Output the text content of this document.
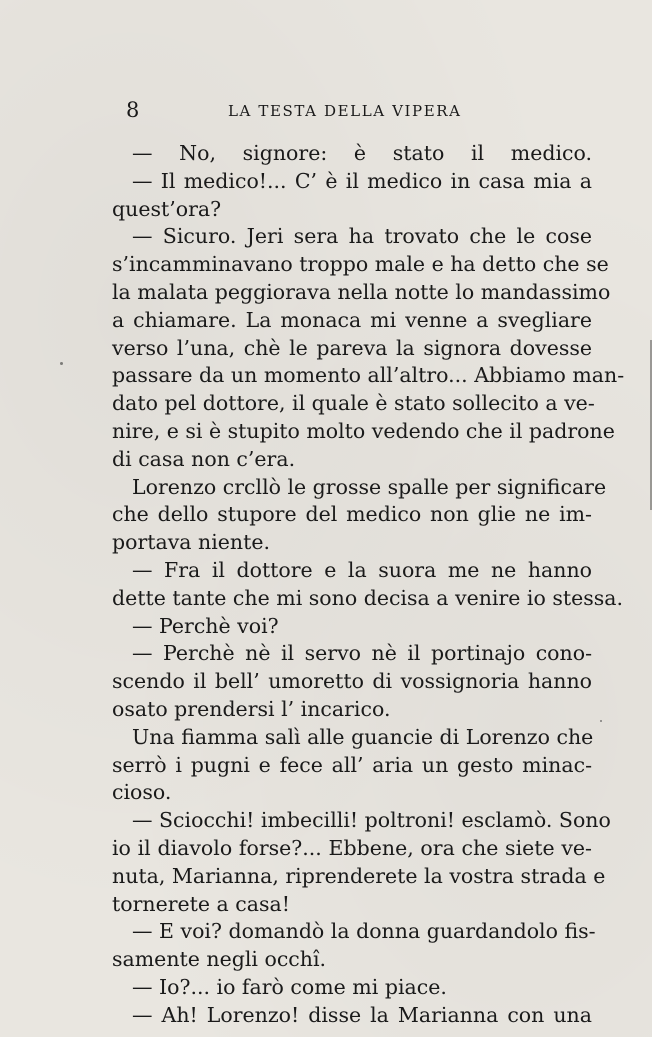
8	LA TESTA DELLA VIPERA
— No, signore: è stato il medico.
— Il medico!... C’ è il medico in casa mia a
quest’ora?
— Sicuro. Jeri sera ha trovato che le cose
s’incamminavano troppo male e ha detto che se
la malata peggiorava nella notte lo mandassimo
a chiamare. La monaca mi venne a svegliare
verso l’una, chè le pareva la signora dovesse
passare da un momento all’altro... Abbiamo man-
dato pel dottore, il quale è stato sollecito a ve-
nire, e si è stupito molto vedendo che il padrone
di casa non c’era.
Lorenzo crcllò le grosse spalle per significare
che dello stupore del medico non glie ne im-
portava niente.
— Fra il dottore e la suora me ne hanno
dette tante che mi sono decisa a venire io stessa.
— Perchè voi?
— Perchè nè il servo nè il portinajo cono-
scendo il bell’ umoretto di vossignoria hanno
osato prendersi l’ incarico.
Una fiamma salì alle guancie di Lorenzo che
serrò i pugni e fece all’ aria un gesto minac-
cioso.
— Sciocchi! imbecilli! poltroni! esclamò. Sono
io il diavolo forse?... Ebbene, ora che siete ve-
nuta, Marianna, riprenderete la vostra strada e
tornerete a casa!
— E voi? domandò la donna guardandolo fis-
samente negli occhî.
— Io?... io farò come mi piace.
— Ah! Lorenzo! disse la Marianna con una
